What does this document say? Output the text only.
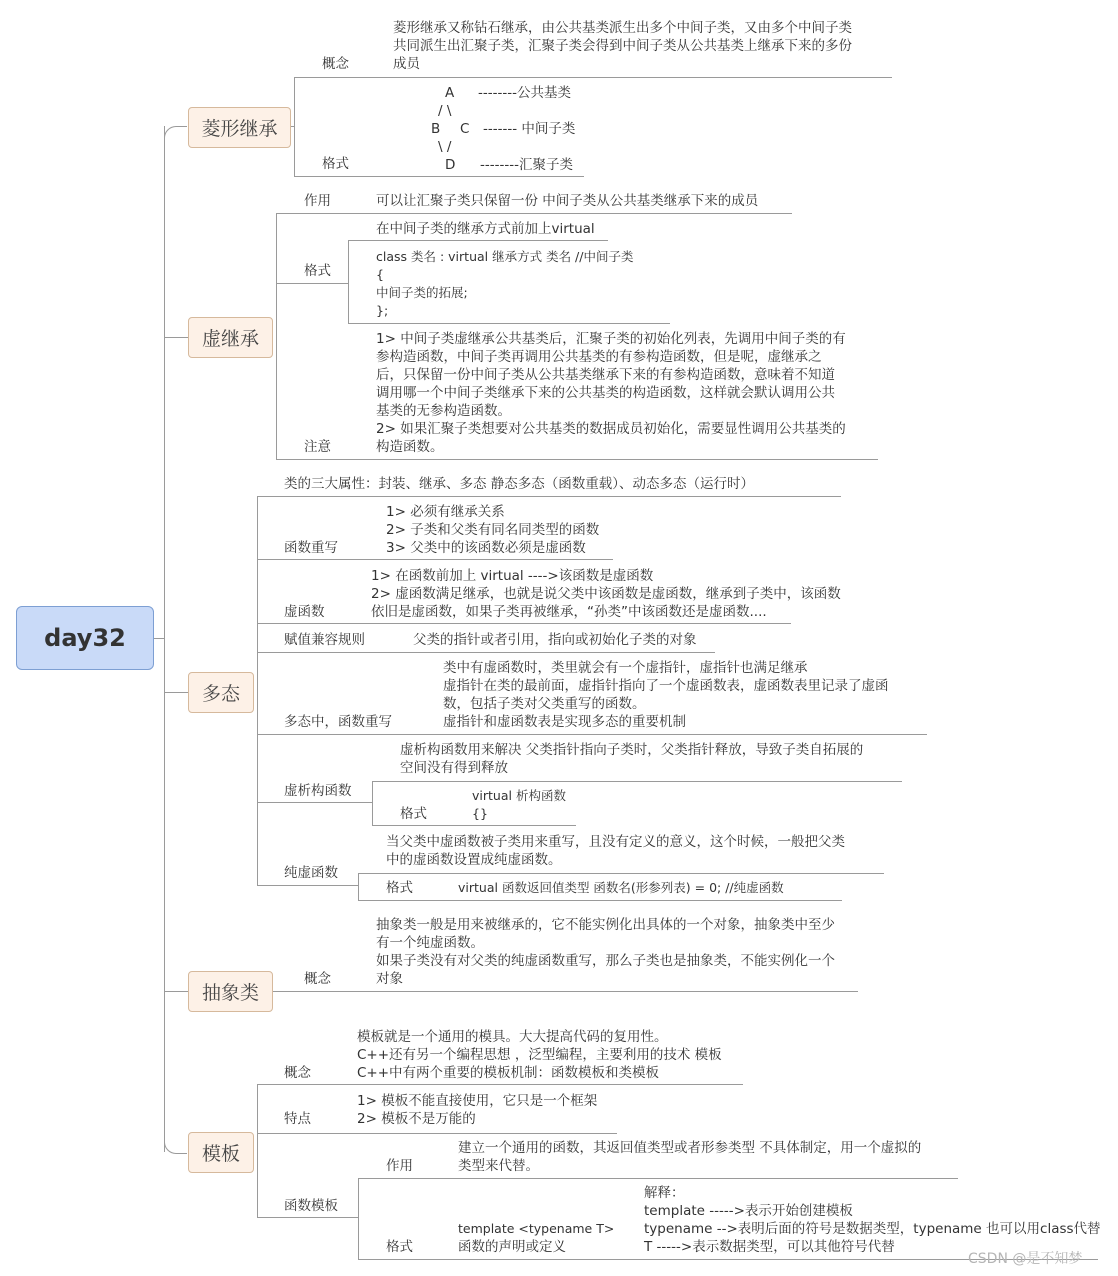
day32
菱形继承
虚继承
多态
抽象类
模板
概念
菱形继承又称钻石继承，由公共基类派生出多个中间子类，又由多个中间子类
共同派生出汇聚子类，汇聚子类会得到中间子类从公共基类上继承下来的多份
成员
格式
A
/ \
B C
\ /
D
--------公共基类
------- 中间子类
--------汇聚子类
作用	可以让汇聚子类只保留一份 中间子类从公共基类继承下来的成员
格式
在中间子类的继承方式前加上virtual
class 类名 : virtual 继承方式 类名 //中间子类
{
中间子类的拓展;
};
注意
1> 中间子类虚继承公共基类后，汇聚子类的初始化列表，先调用中间子类的有
参构造函数，中间子类再调用公共基类的有参构造函数，但是呢，虚继承之
后，只保留一份中间子类从公共基类继承下来的有参构造函数，意味着不知道
调用哪一个中间子类继承下来的公共基类的构造函数，这样就会默认调用公共
基类的无参构造函数。
2> 如果汇聚子类想要对公共基类的数据成员初始化，需要显性调用公共基类的
构造函数。
类的三大属性：封装、继承、多态 静态多态（函数重载）、动态多态（运行时）
函数重写
1> 必须有继承关系
2> 子类和父类有同名同类型的函数
3> 父类中的该函数必须是虚函数
虚函数
1> 在函数前加上 virtual ---->该函数是虚函数
2> 虚函数满足继承，也就是说父类中该函数是虚函数，继承到子类中，该函数
依旧是虚函数，如果子类再被继承，“孙类”中该函数还是虚函数....
赋值兼容规则	父类的指针或者引用，指向或初始化子类的对象
多态中，函数重写
类中有虚函数时，类里就会有一个虚指针，虚指针也满足继承
虚指针在类的最前面，虚指针指向了一个虚函数表，虚函数表里记录了虚函
数，包括子类对父类重写的函数。
虚指针和虚函数表是实现多态的重要机制
虚析构函数
虚析构函数用来解决 父类指针指向子类时，父类指针释放，导致子类自拓展的
空间没有得到释放
格式
virtual 析构函数
{}
纯虚函数
当父类中虚函数被子类用来重写，且没有定义的意义，这个时候，一般把父类
中的虚函数设置成纯虚函数。
格式	virtual 函数返回值类型 函数名(形参列表) = 0; //纯虚函数
概念
抽象类一般是用来被继承的，它不能实例化出具体的一个对象，抽象类中至少
有一个纯虚函数。
如果子类没有对父类的纯虚函数重写，那么子类也是抽象类，不能实例化一个
对象
概念
模板就是一个通用的模具。大大提高代码的复用性。
C++还有另一个编程思想 ，泛型编程，主要利用的技术 模板
C++中有两个重要的模板机制：函数模板和类模板
特点
1> 模板不能直接使用，它只是一个框架
2> 模板不是万能的
函数模板
作用
建立一个通用的函数，其返回值类型或者形参类型 不具体制定，用一个虚拟的
类型来代替。
格式
template <typename T>
函数的声明或定义
解释：
template ----->表示开始创建模板
typename -->表明后面的符号是数据类型，typename 也可以用class代替
T ----->表示数据类型，可以其他符号代替
CSDN @是不知梦
